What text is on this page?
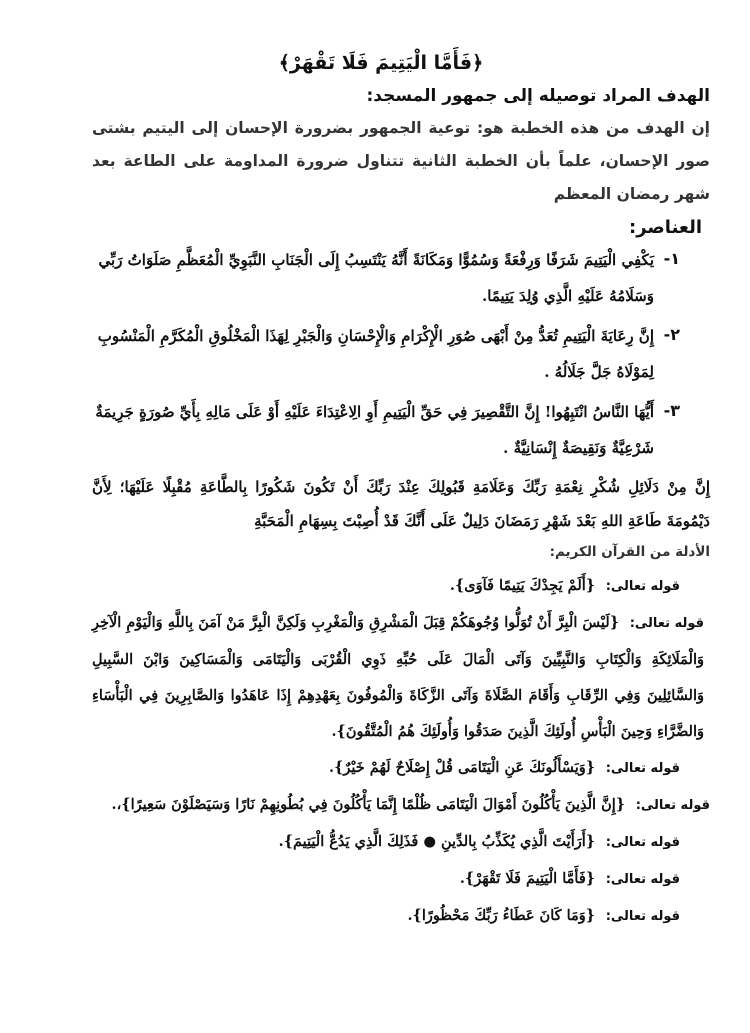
﴿فَأَمَّا الْيَتِيمَ فَلَا تَقْهَرْ﴾
الهدف المراد توصيله إلى جمهور المسجد:
إن الهدف من هذه الخطبة هو: توعية الجمهور بضرورة الإحسان إلى اليتيم بشتى صور الإحسان، علماً بأن الخطبة الثانية تتناول ضرورة المداومة على الطاعة بعد شهر رمضان المعظم
العناصر:
١-
يَكْفِي الْيَتِيمَ شَرَفًا وَرِفْعَةً وَسُمُوًّا وَمَكَانَةً أَنَّهُ يَنْتَسِبُ إِلَى الْجَنَابِ النَّبَوِيِّ الْمُعَظَّمِ صَلَوَاتُ رَبِّي وَسَلَامُهُ عَلَيْهِ الَّذِي وُلِدَ يَتِيمًا.
٢-
إِنَّ رِعَايَةَ الْيَتِيمِ تُعَدُّ مِنْ أَبْهَى صُوَرِ الْإِكْرَامِ وَالْإِحْسَانِ وَالْجَبْرِ لِهَذَا الْمَخْلُوقِ الْمُكَرَّمِ الْمَنْسُوبِ لِمَوْلَاهُ جَلَّ جَلَالُهُ .
٣-
أَيُّهَا النَّاسُ انْتَبِهُوا! إِنَّ التَّقْصِيرَ فِي حَقِّ الْيَتِيمِ أَوِ الِاعْتِدَاءَ عَلَيْهِ أَوْ عَلَى مَالِهِ بِأَيِّ صُورَةٍ جَرِيمَةٌ شَرْعِيَّةٌ وَنَقِيصَةٌ إِنْسَانِيَّةٌ .
إِنَّ مِنْ دَلَائِلِ شُكْرِ نِعْمَةِ رَبِّكَ وَعَلَامَةِ قَبُولِكَ عِنْدَ رَبِّكَ أَنْ تَكُونَ شَكُورًا بِالطَّاعَةِ مُقْبِلًا عَلَيْهَا؛ لِأَنَّ دَيْمُومَةَ طَاعَةِ اللهِ بَعْدَ شَهْرِ رَمَضَانَ دَلِيلٌ عَلَى أَنَّكَ قَدْ أُصِبْتَ بِسِهَامِ الْمَحَبَّةِ
الأدلة من القرآن الكريم:
قوله تعالى: {أَلَمْ يَجِدْكَ يَتِيمًا فَآوَى}.
قوله تعالى: {لَيْسَ الْبِرَّ أَنْ تُوَلُّوا وُجُوهَكُمْ قِبَلَ الْمَشْرِقِ وَالْمَغْرِبِ وَلَكِنَّ الْبِرَّ مَنْ آمَنَ بِاللَّهِ وَالْيَوْمِ الْآخِرِ وَالْمَلَائِكَةِ وَالْكِتَابِ وَالنَّبِيِّينَ وَآتَى الْمَالَ عَلَى حُبِّهِ ذَوِي الْقُرْبَى وَالْيَتَامَى وَالْمَسَاكِينَ وَابْنَ السَّبِيلِ وَالسَّائِلِينَ وَفِي الرِّقَابِ وَأَقَامَ الصَّلَاةَ وَآتَى الزَّكَاةَ وَالْمُوفُونَ بِعَهْدِهِمْ إِذَا عَاهَدُوا وَالصَّابِرِينَ فِي الْبَأْسَاءِ وَالضَّرَّاءِ وَحِينَ الْبَأْسِ أُولَئِكَ الَّذِينَ صَدَقُوا وَأُولَئِكَ هُمُ الْمُتَّقُونَ}.
قوله تعالى: {وَيَسْأَلُونَكَ عَنِ الْيَتَامَى قُلْ إِصْلَاحٌ لَهُمْ خَيْرٌ}.
قوله تعالى: {إِنَّ الَّذِينَ يَأْكُلُونَ أَمْوَالَ الْيَتَامَى ظُلْمًا إِنَّمَا يَأْكُلُونَ فِي بُطُونِهِمْ نَارًا وَسَيَصْلَوْنَ سَعِيرًا}،.
قوله تعالى: {أَرَأَيْتَ الَّذِي يُكَذِّبُ بِالدِّينِ ● فَذَلِكَ الَّذِي يَدُعُّ الْيَتِيمَ}.
قوله تعالى: {فَأَمَّا الْيَتِيمَ فَلَا تَقْهَرْ}.
قوله تعالى: {وَمَا كَانَ عَطَاءُ رَبِّكَ مَحْظُورًا}.
